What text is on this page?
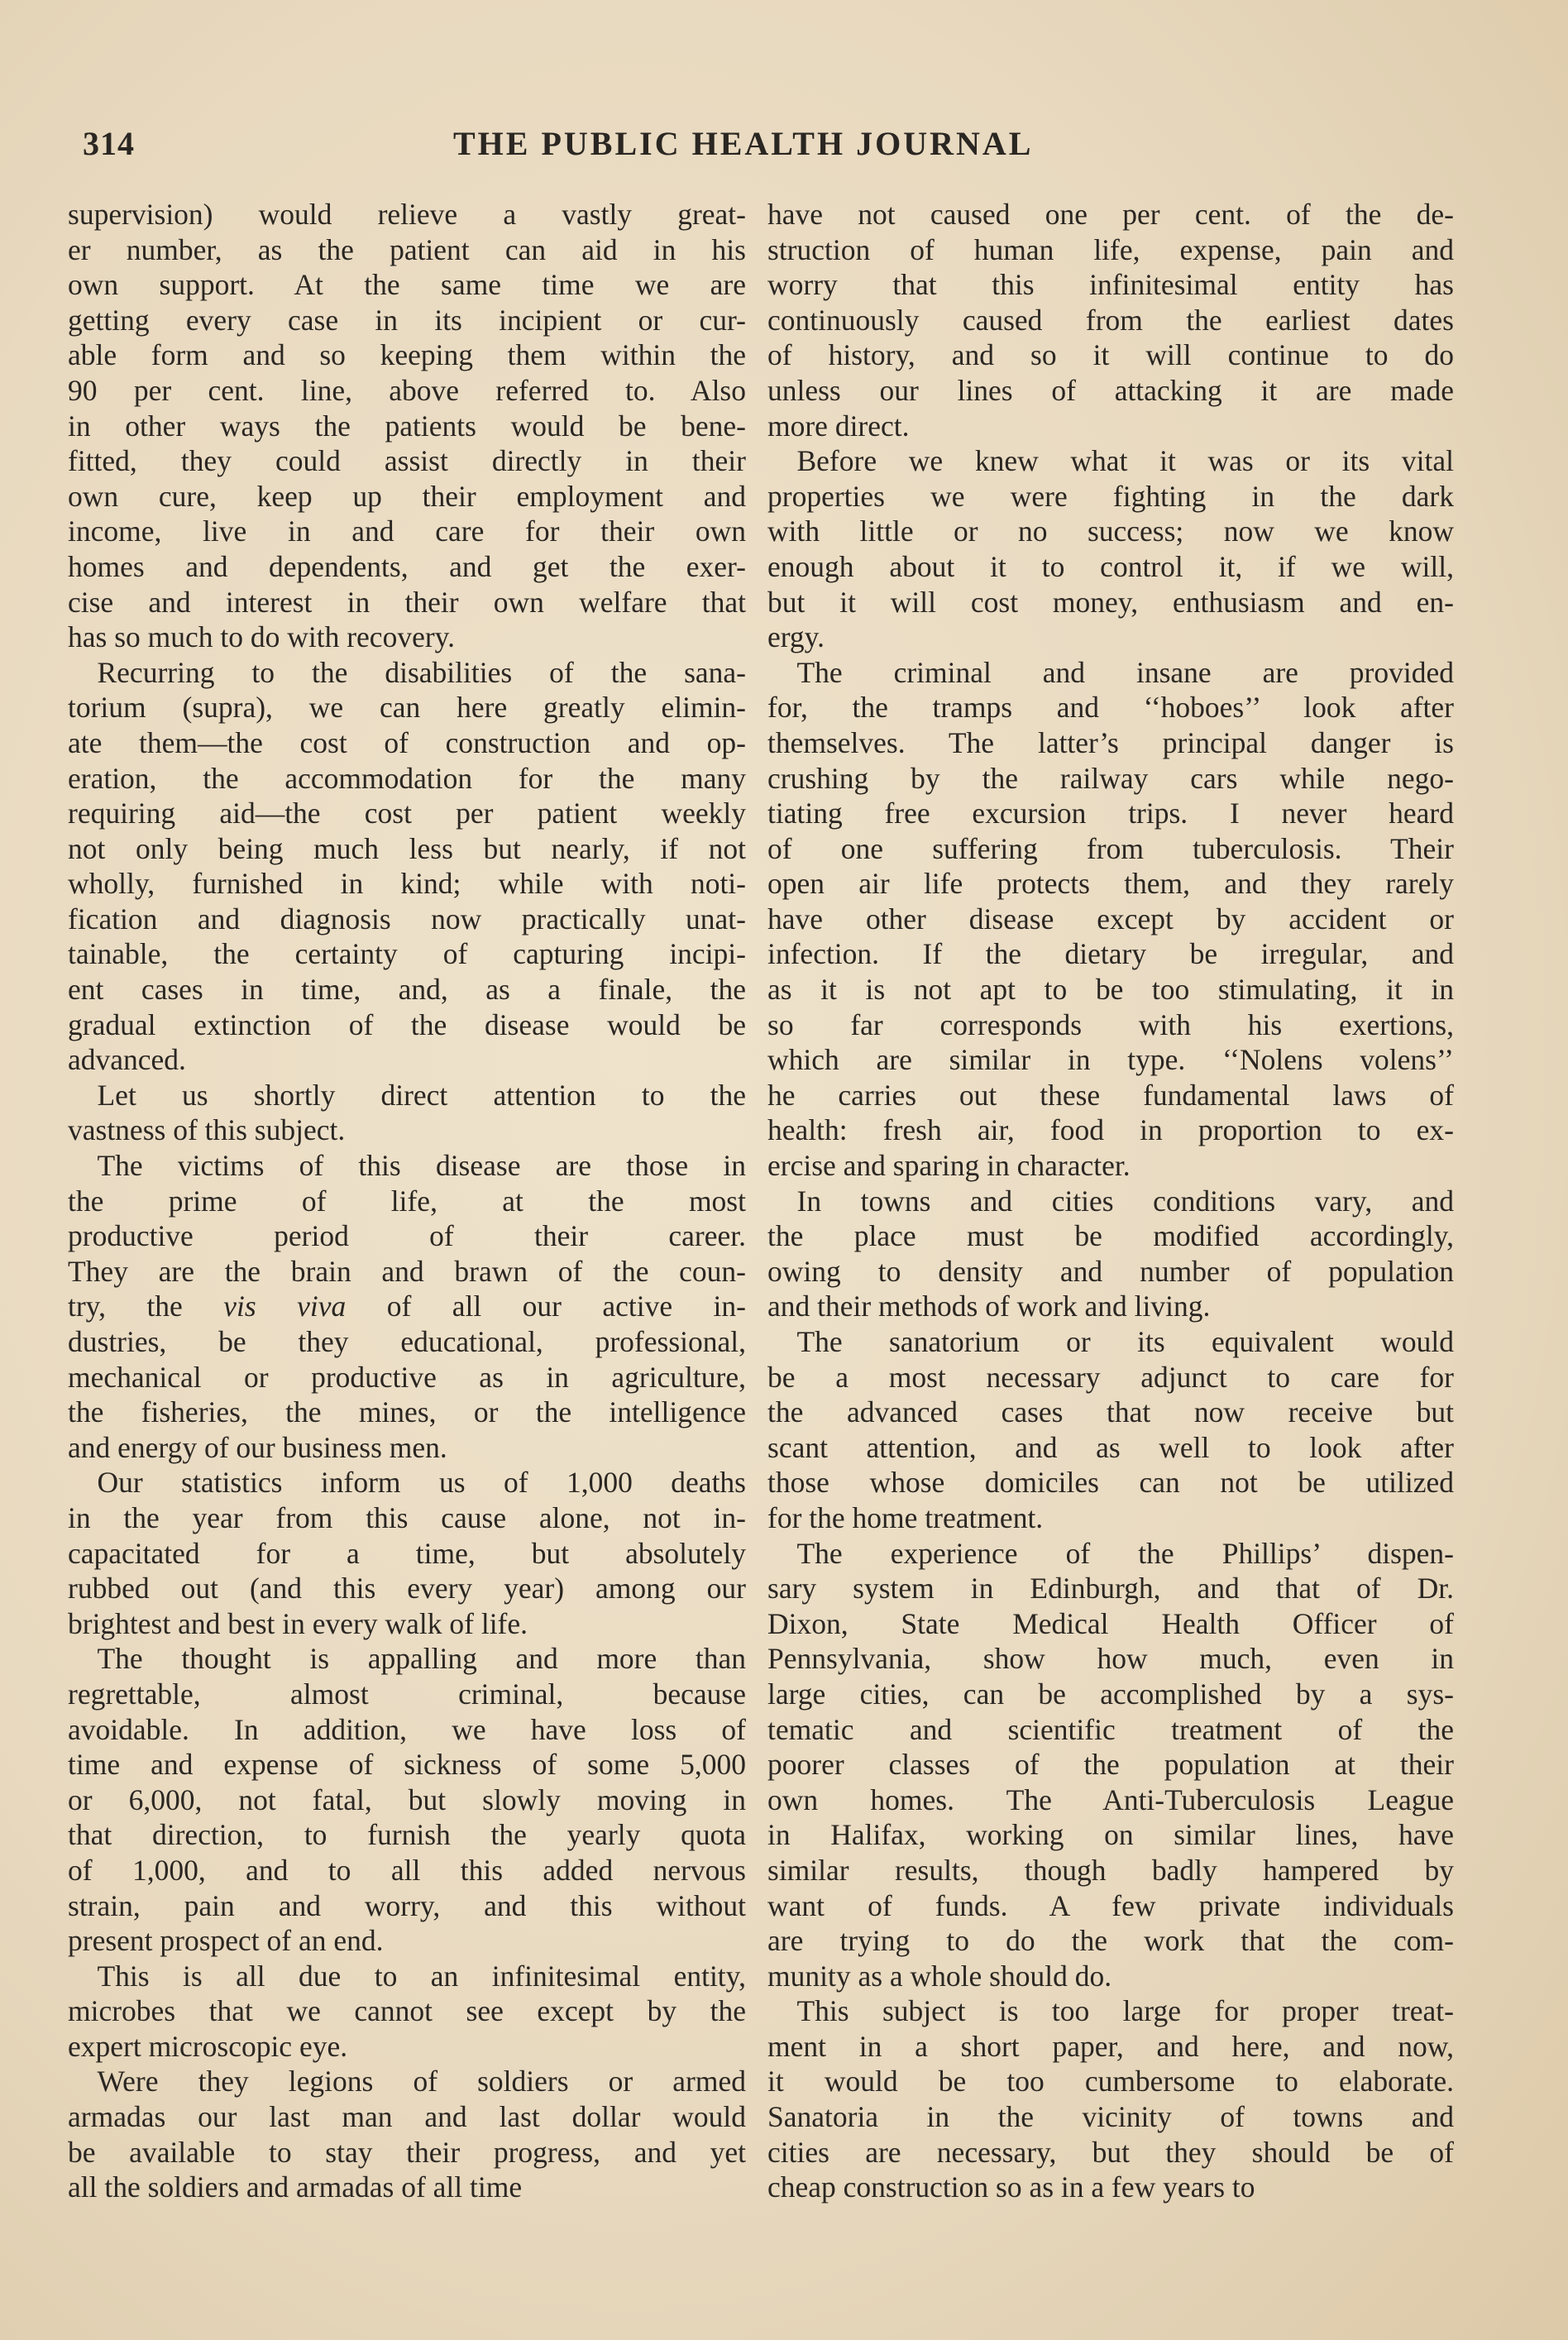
314	THE PUBLIC HEALTH JOURNAL

supervision) would relieve a vastly great-
er number, as the patient can aid in his
own support. At the same time we are
getting every case in its incipient or cur-
able form and so keeping them within the
90 per cent. line, above referred to. Also
in other ways the patients would be bene-
fitted, they could assist directly in their
own cure, keep up their employment and
income, live in and care for their own
homes and dependents, and get the exer-
cise and interest in their own welfare that
has so much to do with recovery.

 Recurring to the disabilities of the sana-
torium (supra), we can here greatly elimin-
ate them—the cost of construction and op-
eration, the accommodation for the many
requiring aid—the cost per patient weekly
not only being much less but nearly, if not
wholly, furnished in kind; while with noti-
fication and diagnosis now practically unat-
tainable, the certainty of capturing incipi-
ent cases in time, and, as a finale, the
gradual extinction of the disease would be
advanced.

 Let us shortly direct attention to the
vastness of this subject.

 The victims of this disease are those in
the prime of life, at the most
productive period of their career.
They are the brain and brawn of the coun-
try, the vis viva of all our active in-
dustries, be they educational, professional,
mechanical or productive as in agriculture,
the fisheries, the mines, or the intelligence
and energy of our business men.

 Our statistics inform us of 1,000 deaths
in the year from this cause alone, not in-
capacitated for a time, but absolutely
rubbed out (and this every year) among our
brightest and best in every walk of life.

 The thought is appalling and more than
regrettable, almost criminal, because
avoidable. In addition, we have loss of
time and expense of sickness of some 5,000
or 6,000, not fatal, but slowly moving in
that direction, to furnish the yearly quota
of 1,000, and to all this added nervous
strain, pain and worry, and this without
present prospect of an end.

 This is all due to an infinitesimal entity,
microbes that we cannot see except by the
expert microscopic eye.

 Were they legions of soldiers or armed
armadas our last man and last dollar would
be available to stay their progress, and yet
all the soldiers and armadas of all time

have not caused one per cent. of the de-
struction of human life, expense, pain and
worry that this infinitesimal entity has
continuously caused from the earliest dates
of history, and so it will continue to do
unless our lines of attacking it are made
more direct.

 Before we knew what it was or its vital
properties we were fighting in the dark
with little or no success; now we know
enough about it to control it, if we will,
but it will cost money, enthusiasm and en-
ergy.

 The criminal and insane are provided
for, the tramps and ‘‘hoboes’’ look after
themselves. The latter’s principal danger is
crushing by the railway cars while nego-
tiating free excursion trips. I never heard
of one suffering from tuberculosis. Their
open air life protects them, and they rarely
have other disease except by accident or
infection. If the dietary be irregular, and
as it is not apt to be too stimulating, it in
so far corresponds with his exertions,
which are similar in type. ‘‘Nolens volens’’
he carries out these fundamental laws of
health: fresh air, food in proportion to ex-
ercise and sparing in character.

 In towns and cities conditions vary, and
the place must be modified accordingly,
owing to density and number of population
and their methods of work and living.

 The sanatorium or its equivalent would
be a most necessary adjunct to care for
the advanced cases that now receive but
scant attention, and as well to look after
those whose domiciles can not be utilized
for the home treatment.

 The experience of the Phillips’ dispen-
sary system in Edinburgh, and that of Dr.
Dixon, State Medical Health Officer of
Pennsylvania, show how much, even in
large cities, can be accomplished by a sys-
tematic and scientific treatment of the
poorer classes of the population at their
own homes. The Anti-Tuberculosis League
in Halifax, working on similar lines, have
similar results, though badly hampered by
want of funds. A few private individuals
are trying to do the work that the com-
munity as a whole should do.

 This subject is too large for proper treat-
ment in a short paper, and here, and now,
it would be too cumbersome to elaborate.
Sanatoria in the vicinity of towns and
cities are necessary, but they should be of
cheap construction so as in a few years to
